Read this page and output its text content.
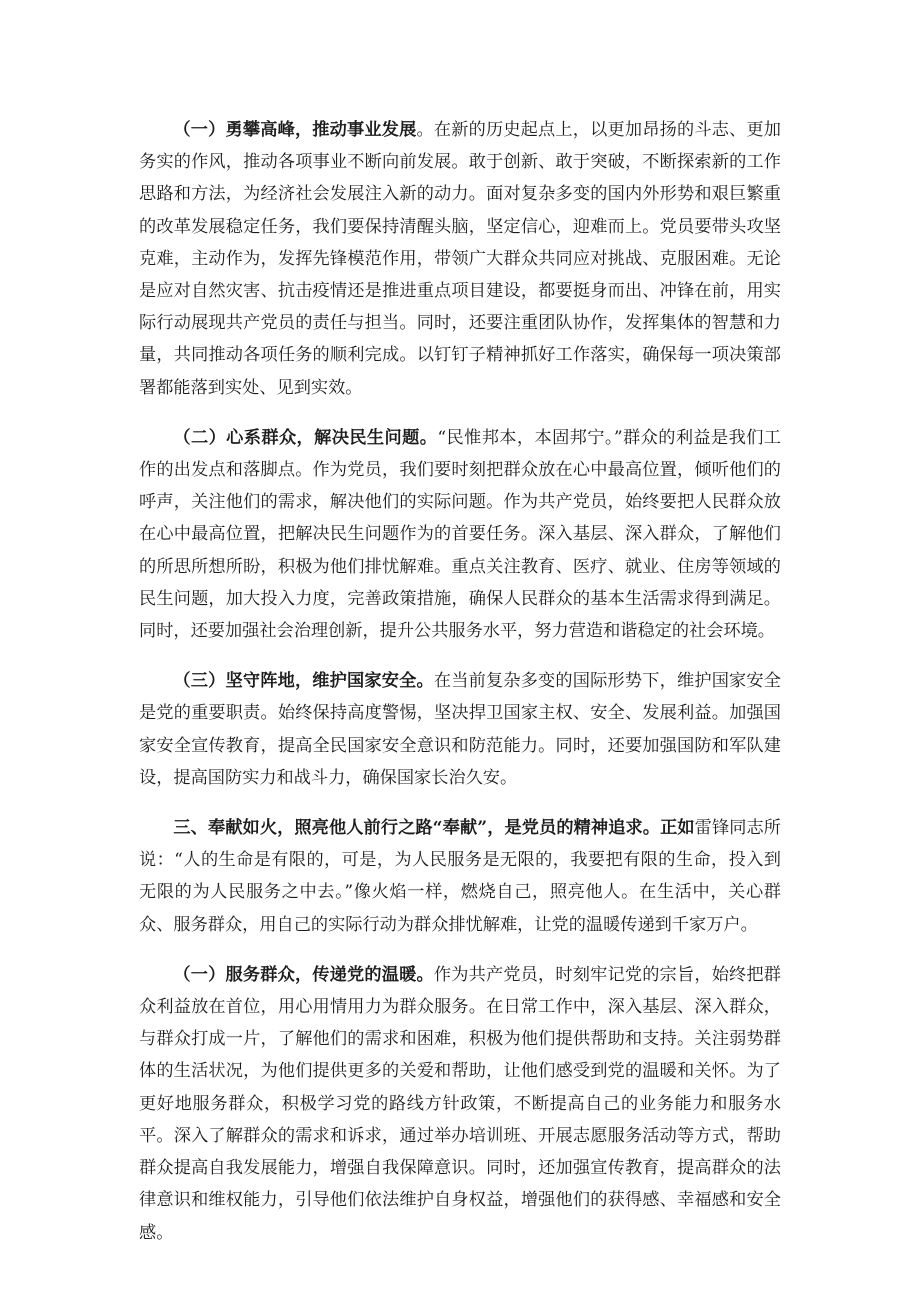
（一）勇攀高峰，推动事业发展。在新的历史起点上，以更加昂扬的斗志、更加务实的作风，推动各项事业不断向前发展。敢于创新、敢于突破，不断探索新的工作思路和方法，为经济社会发展注入新的动力。面对复杂多变的国内外形势和艰巨繁重的改革发展稳定任务，我们要保持清醒头脑，坚定信心，迎难而上。党员要带头攻坚克难，主动作为，发挥先锋模范作用，带领广大群众共同应对挑战、克服困难。无论是应对自然灾害、抗击疫情还是推进重点项目建设，都要挺身而出、冲锋在前，用实际行动展现共产党员的责任与担当。同时，还要注重团队协作，发挥集体的智慧和力量，共同推动各项任务的顺利完成。以钉钉子精神抓好工作落实，确保每一项决策部署都能落到实处、见到实效。

（二）心系群众，解决民生问题。“民惟邦本，本固邦宁。”群众的利益是我们工作的出发点和落脚点。作为党员，我们要时刻把群众放在心中最高位置，倾听他们的呼声，关注他们的需求，解决他们的实际问题。作为共产党员，始终要把人民群众放在心中最高位置，把解决民生问题作为的首要任务。深入基层、深入群众，了解他们的所思所想所盼，积极为他们排忧解难。重点关注教育、医疗、就业、住房等领域的民生问题，加大投入力度，完善政策措施，确保人民群众的基本生活需求得到满足。同时，还要加强社会治理创新，提升公共服务水平，努力营造和谐稳定的社会环境。

（三）坚守阵地，维护国家安全。在当前复杂多变的国际形势下，维护国家安全是党的重要职责。始终保持高度警惕，坚决捍卫国家主权、安全、发展利益。加强国家安全宣传教育，提高全民国家安全意识和防范能力。同时，还要加强国防和军队建设，提高国防实力和战斗力，确保国家长治久安。

三、奉献如火，照亮他人前行之路“奉献”，是党员的精神追求。正如雷锋同志所说：“人的生命是有限的，可是，为人民服务是无限的，我要把有限的生命，投入到无限的为人民服务之中去。”像火焰一样，燃烧自己，照亮他人。在生活中，关心群众、服务群众，用自己的实际行动为群众排忧解难，让党的温暖传递到千家万户。

（一）服务群众，传递党的温暖。作为共产党员，时刻牢记党的宗旨，始终把群众利益放在首位，用心用情用力为群众服务。在日常工作中，深入基层、深入群众，与群众打成一片，了解他们的需求和困难，积极为他们提供帮助和支持。关注弱势群体的生活状况，为他们提供更多的关爱和帮助，让他们感受到党的温暖和关怀。为了更好地服务群众，积极学习党的路线方针政策，不断提高自己的业务能力和服务水平。深入了解群众的需求和诉求，通过举办培训班、开展志愿服务活动等方式，帮助群众提高自我发展能力，增强自我保障意识。同时，还加强宣传教育，提高群众的法律意识和维权能力，引导他们依法维护自身权益，增强他们的获得感、幸福感和安全感。
